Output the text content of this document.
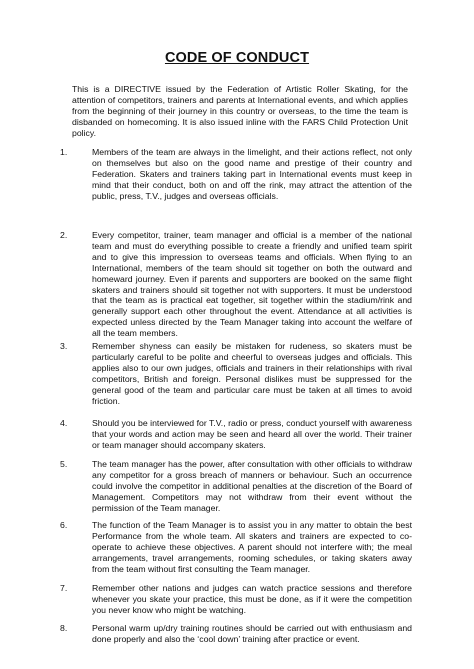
CODE OF CONDUCT
This is a DIRECTIVE issued by the Federation of Artistic Roller Skating, for the attention of competitors, trainers and parents at International events, and which applies from the beginning of their journey in this country or overseas, to the time the team is disbanded on homecoming. It is also issued inline with the FARS Child Protection Unit policy.
1.	Members of the team are always in the limelight, and their actions reflect, not only on themselves but also on the good name and prestige of their country and Federation. Skaters and trainers taking part in International events must keep in mind that their conduct, both on and off the rink, may attract the attention of the public, press, T.V., judges and overseas officials.
2.	Every competitor, trainer, team manager and official is a member of the national team and must do everything possible to create a friendly and unified team spirit and to give this impression to overseas teams and officials. When flying to an International, members of the team should sit together on both the outward and homeward journey. Even if parents and supporters are booked on the same flight skaters and trainers should sit together not with supporters. It must be understood that the team as is practical eat together, sit together within the stadium/rink and generally support each other throughout the event. Attendance at all activities is expected unless directed by the Team Manager taking into account the welfare of all the team members.
3.	Remember shyness can easily be mistaken for rudeness, so skaters must be particularly careful to be polite and cheerful to overseas judges and officials. This applies also to our own judges, officials and trainers in their relationships with rival competitors, British and foreign. Personal dislikes must be suppressed for the general good of the team and particular care must be taken at all times to avoid friction.
4.	Should you be interviewed for T.V., radio or press, conduct yourself with awareness that your words and action may be seen and heard all over the world. Their trainer or team manager should accompany skaters.
5.	The team manager has the power, after consultation with other officials to withdraw any competitor for a gross breach of manners or behaviour. Such an occurrence could involve the competitor in additional penalties at the discretion of the Board of Management. Competitors may not withdraw from their event without the permission of the Team manager.
6.	The function of the Team Manager is to assist you in any matter to obtain the best Performance from the whole team. All skaters and trainers are expected to co-operate to achieve these objectives. A parent should not interfere with; the meal arrangements, travel arrangements, rooming schedules, or taking skaters away from the team without first consulting the Team manager.
7.	Remember other nations and judges can watch practice sessions and therefore whenever you skate your practice, this must be done, as if it were the competition you never know who might be watching.
8.	Personal warm up/dry training routines should be carried out with enthusiasm and done properly and also the ‘cool down’ training after practice or event.
